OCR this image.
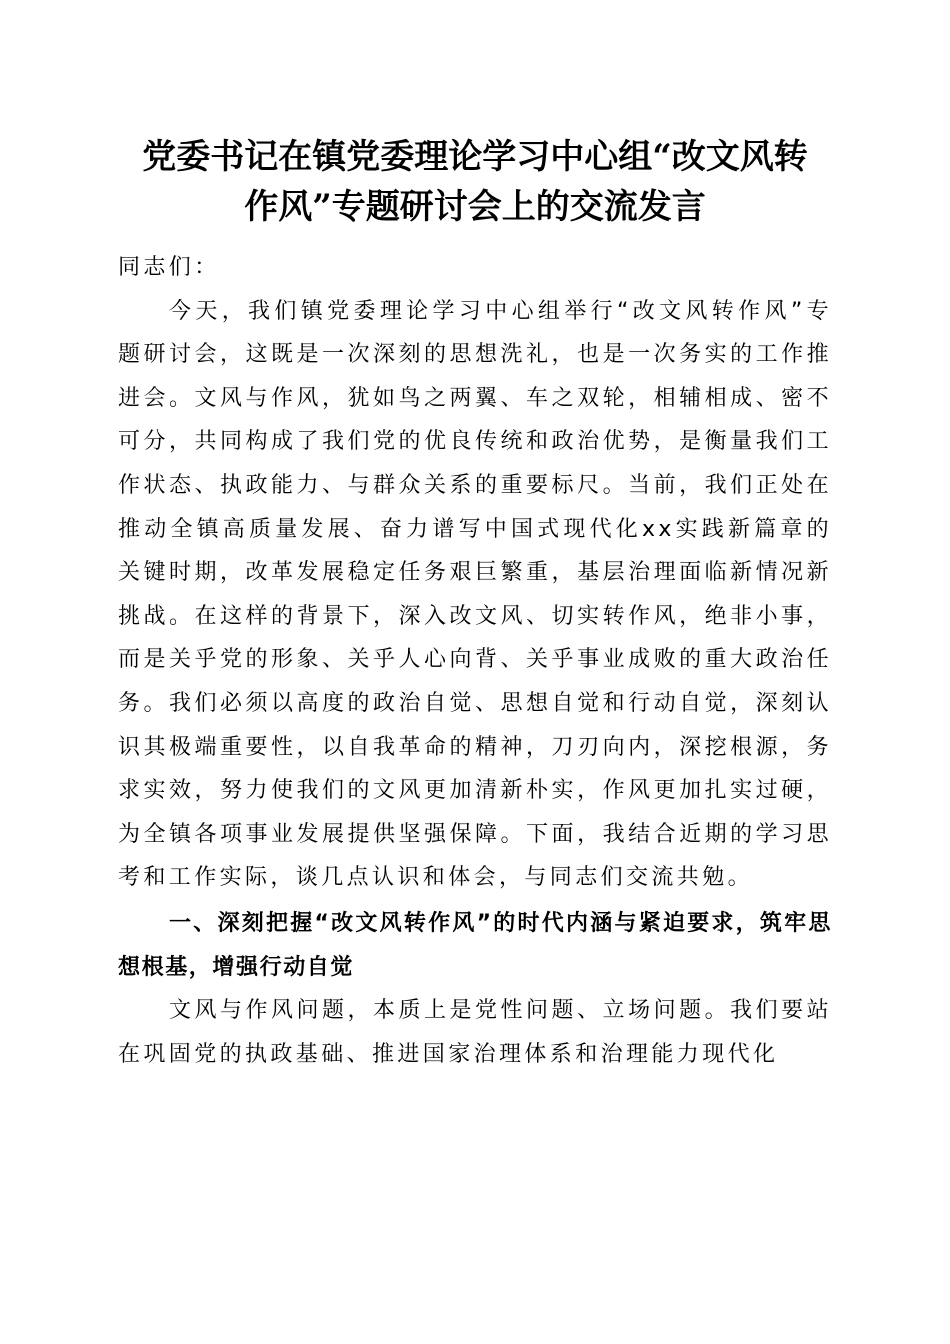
党委书记在镇党委理论学习中心组“改文风转
作风”专题研讨会上的交流发言

同志们：

今天，我们镇党委理论学习中心组举行“改文风转作风”专题研讨会，这既是一次深刻的思想洗礼，也是一次务实的工作推进会。文风与作风，犹如鸟之两翼、车之双轮，相辅相成、密不可分，共同构成了我们党的优良传统和政治优势，是衡量我们工作状态、执政能力、与群众关系的重要标尺。当前，我们正处在推动全镇高质量发展、奋力谱写中国式现代化xx实践新篇章的关键时期，改革发展稳定任务艰巨繁重，基层治理面临新情况新挑战。在这样的背景下，深入改文风、切实转作风，绝非小事，而是关乎党的形象、关乎人心向背、关乎事业成败的重大政治任务。我们必须以高度的政治自觉、思想自觉和行动自觉，深刻认识其极端重要性，以自我革命的精神，刀刃向内，深挖根源，务求实效，努力使我们的文风更加清新朴实，作风更加扎实过硬，为全镇各项事业发展提供坚强保障。下面，我结合近期的学习思考和工作实际，谈几点认识和体会，与同志们交流共勉。

一、深刻把握“改文风转作风”的时代内涵与紧迫要求，筑牢思想根基，增强行动自觉

文风与作风问题，本质上是党性问题、立场问题。我们要站在巩固党的执政基础、推进国家治理体系和治理能力现代化
